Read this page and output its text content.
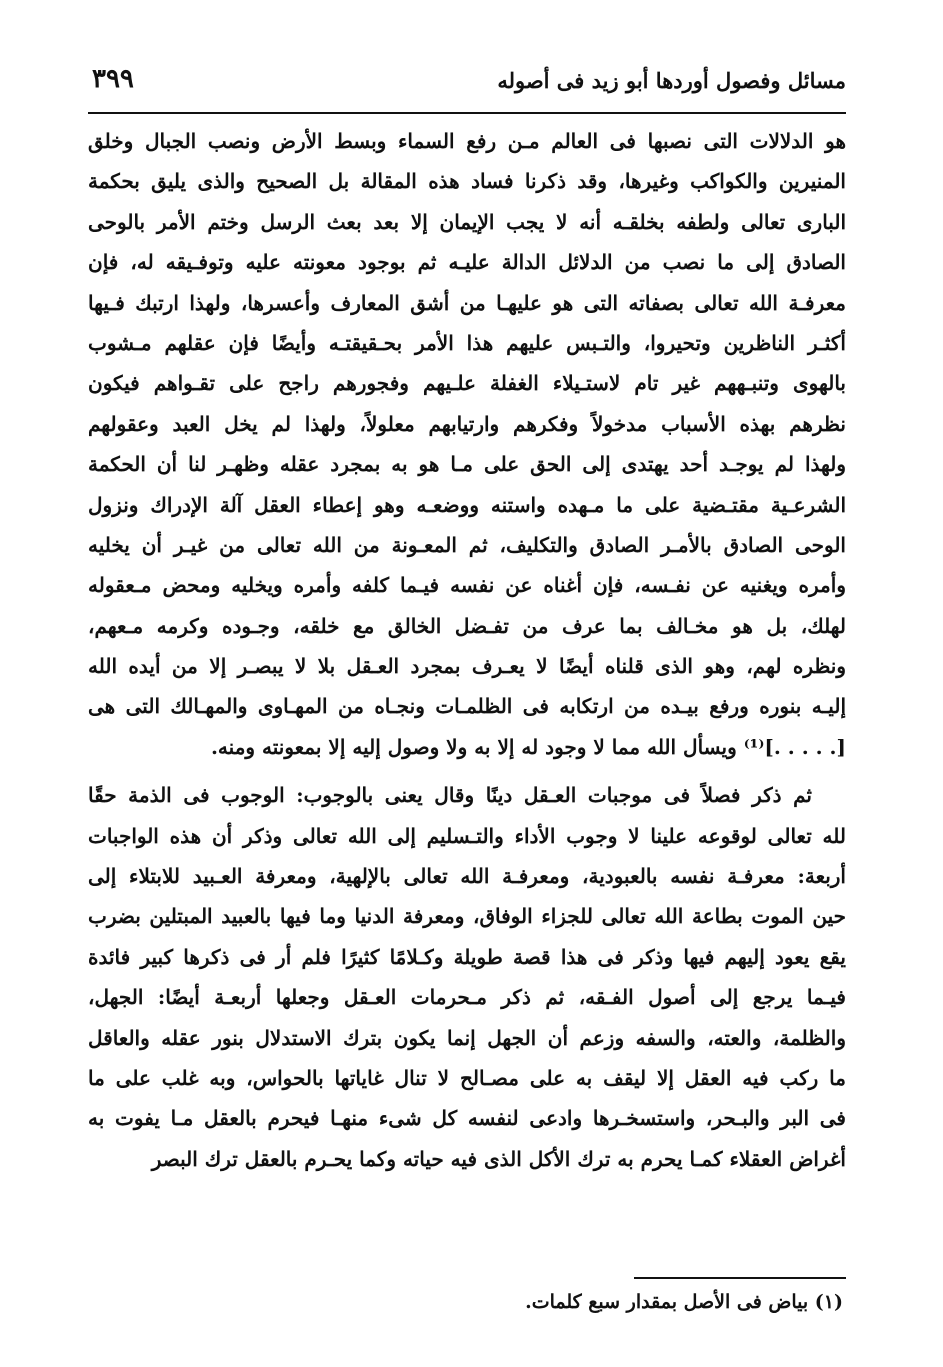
مسائل وفصول أوردها أبو زيد فى أصوله
٣٩٩
هو الدلالات التى نصبها فى العالم مـن رفع السماء وبسط الأرض ونصب الجبال وخلق
المنيرين والكواكب وغيرها، وقد ذكرنا فساد هذه المقالة بل الصحيح والذى يليق بحكمة
البارى تعالى ولطفه بخلقـه أنه لا يجب الإيمان إلا بعد بعث الرسل وختم الأمر بالوحى
الصادق إلى ما نصب من الدلائل الدالة عليـه ثم بوجود معونته عليه وتوفـيقه له، فإن
معرفـة الله تعالى بصفاته التى هو عليهـا من أشق المعارف وأعسرها، ولهذا ارتبك فـيها
أكثـر الناظرين وتحيروا، والتـبس عليهم هذا الأمر بحـقيقتـه وأيضًا فإن عقلهم مـشوب
بالهوى وتنبـههم غير تام لاستـيلاء الغفلة علـيهم وفجورهم راجح على تقـواهم فيكون
نظرهم بهذه الأسباب مدخولاً وفكرهم وارتيابهم معلولاً، ولهذا لم يخل العبد وعقولهم
ولهذا لم يوجـد أحد يهتدى إلى الحق على مـا هو به بمجرد عقله وظهـر لنا أن الحكمة
الشرعـية مقتـضية على ما مـهده واستنه ووضعـه وهو إعطاء العقل آلة الإدراك ونزول
الوحى الصادق بالأمـر الصادق والتكليف، ثم المعـونة من الله تعالى من غيـر أن يخليه
وأمره ويغنيه عن نفـسه، فإن أغناه عن نفسه فيـما كلفه وأمره ويخليه ومحض مـعقوله
لهلك، بل هو مخـالف بما عرف من تفـضل الخالق مع خلقه، وجـوده وكرمه مـعهم،
ونظره لهم، وهو الذى قلناه أيضًا لا يعـرف بمجرد العـقل بلا لا يبصـر إلا من أيده الله
إليـه بنوره ورفع بيـده من ارتكابه فى الظلمـات ونجـاه من المهـاوى والمهـالك التى هى
[. . . . .]⁽¹⁾ ويسأل الله مما لا وجود له إلا به ولا وصول إليه إلا بمعونته ومنه.
ثم ذكر فصلاً فى موجبات العـقل دينًا وقال يعنى بالوجوب: الوجوب فى الذمة حقًا
لله تعالى لوقوعه علينا لا وجوب الأداء والتـسليم إلى الله تعالى وذكر أن هذه الواجبات
أربعة: معرفـة نفسه بالعبودية، ومعرفـة الله تعالى بالإلهية، ومعرفة العـبيد للابتلاء إلى
حين الموت بطاعة الله تعالى للجزاء الوفاق، ومعرفة الدنيا وما فيها بالعبيد المبتلين بضرب
يقع يعود إليهم فيها وذكر فى هذا قصة طويلة وكـلامًا كثيرًا فلم أر فى ذكرها كبير فائدة
فيـما يرجع إلى أصول الفـقه، ثم ذكر مـحرمات العـقل وجعلها أربعـة أيضًا: الجهل،
والظلمة، والعته، والسفه وزعم أن الجهل إنما يكون بترك الاستدلال بنور عقله والعاقل
ما ركب فيه العقل إلا ليقف به على مصـالح لا تنال غاياتها بالحواس، وبه غلب على ما
فى البر والبـحر، واستسخـرها وادعى لنفسه كل شىء منهـا فيحرم بالعقل مـا يفوت به
أغراض العقلاء كمـا يحرم به ترك الأكل الذى فيه حياته وكما يحـرم بالعقل ترك البصر
(١) بياض فى الأصل بمقدار سبع كلمات.
